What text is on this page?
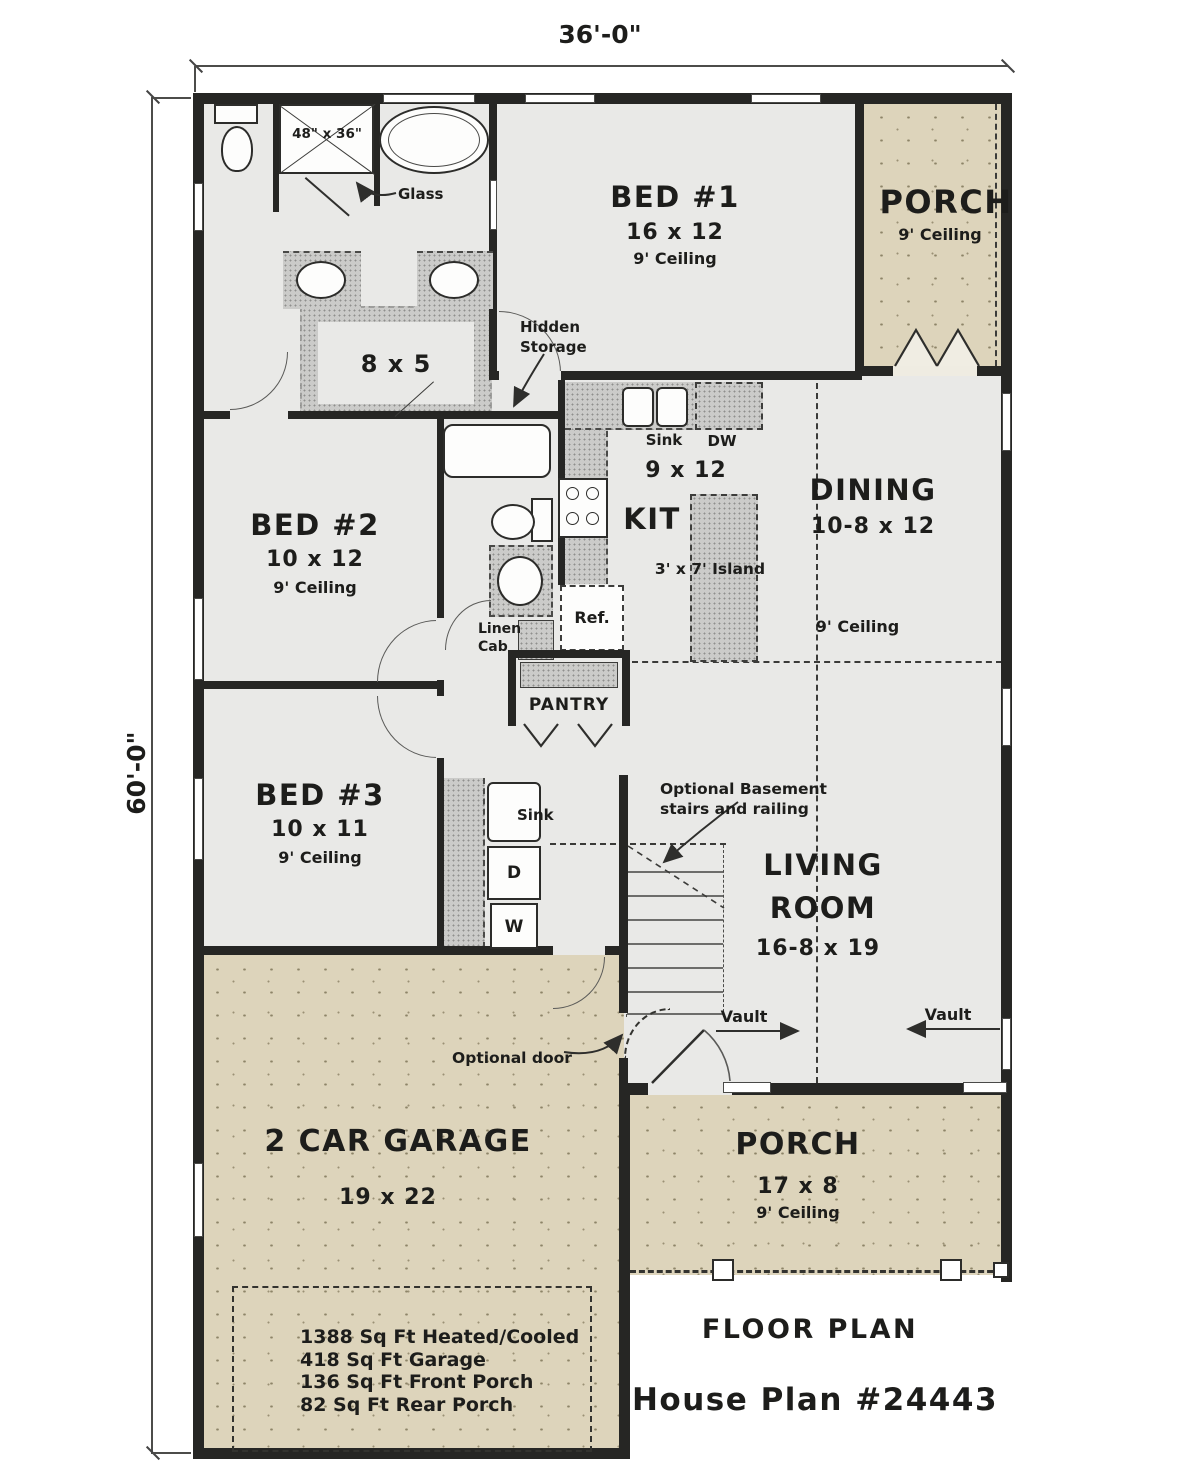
36'-0"
60'-0"
48" x 36"
8 x 5
Linen
Cab
Ref.
PANTRY
Sink
D
W
BED #1
16 x 12
9' Ceiling
PORCH
9' Ceiling
BED #2
10 x 12
9' Ceiling
BED #3
10 x 11
9' Ceiling
Sink	DW
9 x 12
KIT
3' x 7' Island
DINING
10-8 x 12
9' Ceiling
LIVING
ROOM
16-8 x 19
Vault	Vault
2 CAR GARAGE
19 x 22
PORCH
17 x 8
9' Ceiling
Glass
Hidden
Storage
Optional Basement
stairs and railing
Optional door
1388 Sq Ft Heated/Cooled
418 Sq Ft Garage
136 Sq Ft Front Porch
82 Sq Ft Rear Porch
FLOOR PLAN
House Plan #24443
